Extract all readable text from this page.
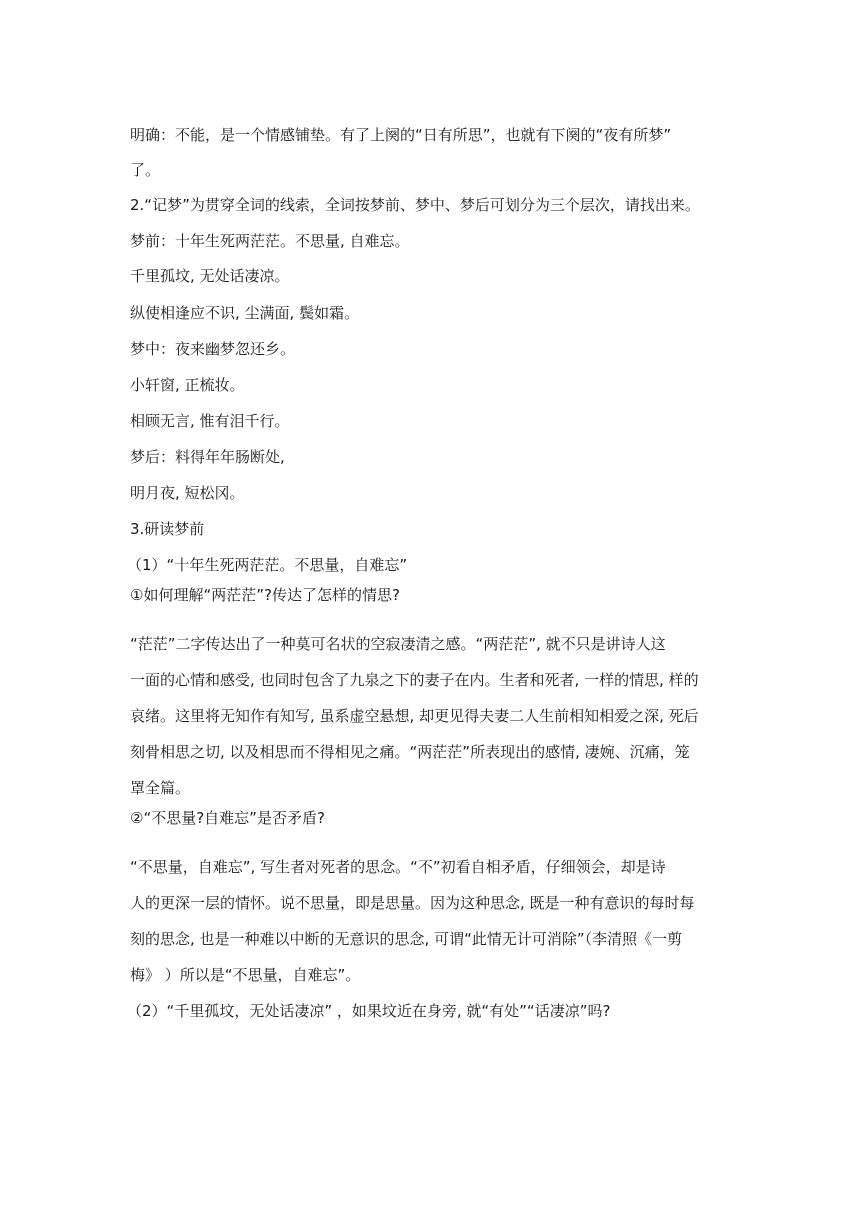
明确：不能，是一个情感铺垫。有了上阕的“日有所思”，也就有下阕的“夜有所梦”
了。
2.“记梦”为贯穿全词的线索，全词按梦前、梦中、梦后可划分为三个层次，请找出来。
梦前：十年生死两茫茫。不思量, 自难忘。
千里孤坟, 无处话凄凉。
纵使相逢应不识, 尘满面, 鬓如霜。
梦中：夜来幽梦忽还乡。
小轩窗, 正梳妆。
相顾无言, 惟有泪千行。
梦后：料得年年肠断处,
明月夜, 短松冈。
3.研读梦前
（1）“十年生死两茫茫。不思量，自难忘”
①如何理解“两茫茫”?传达了怎样的情思?
“茫茫”二字传达出了一种莫可名状的空寂凄清之感。“两茫茫”, 就不只是讲诗人这
一面的心情和感受, 也同时包含了九泉之下的妻子在内。生者和死者, 一样的情思, 样的
哀绪。这里将无知作有知写, 虽系虚空悬想, 却更见得夫妻二人生前相知相爱之深, 死后
刻骨相思之切, 以及相思而不得相见之痛。“两茫茫”所表现出的感情, 凄婉、沉痛，笼
罩全篇。
②“不思量?自难忘”是否矛盾?
“不思量，自难忘”, 写生者对死者的思念。“不”初看自相矛盾，仔细领会，却是诗
人的更深一层的情怀。说不思量，即是思量。因为这种思念, 既是一种有意识的每时每
刻的思念, 也是一种难以中断的无意识的思念, 可谓“此情无计可消除”（李清照《一剪
梅》 ）所以是“不思量，自难忘”。
（2）“千里孤坟，无处话凄凉” ，如果坟近在身旁, 就“有处”“话凄凉”吗?
